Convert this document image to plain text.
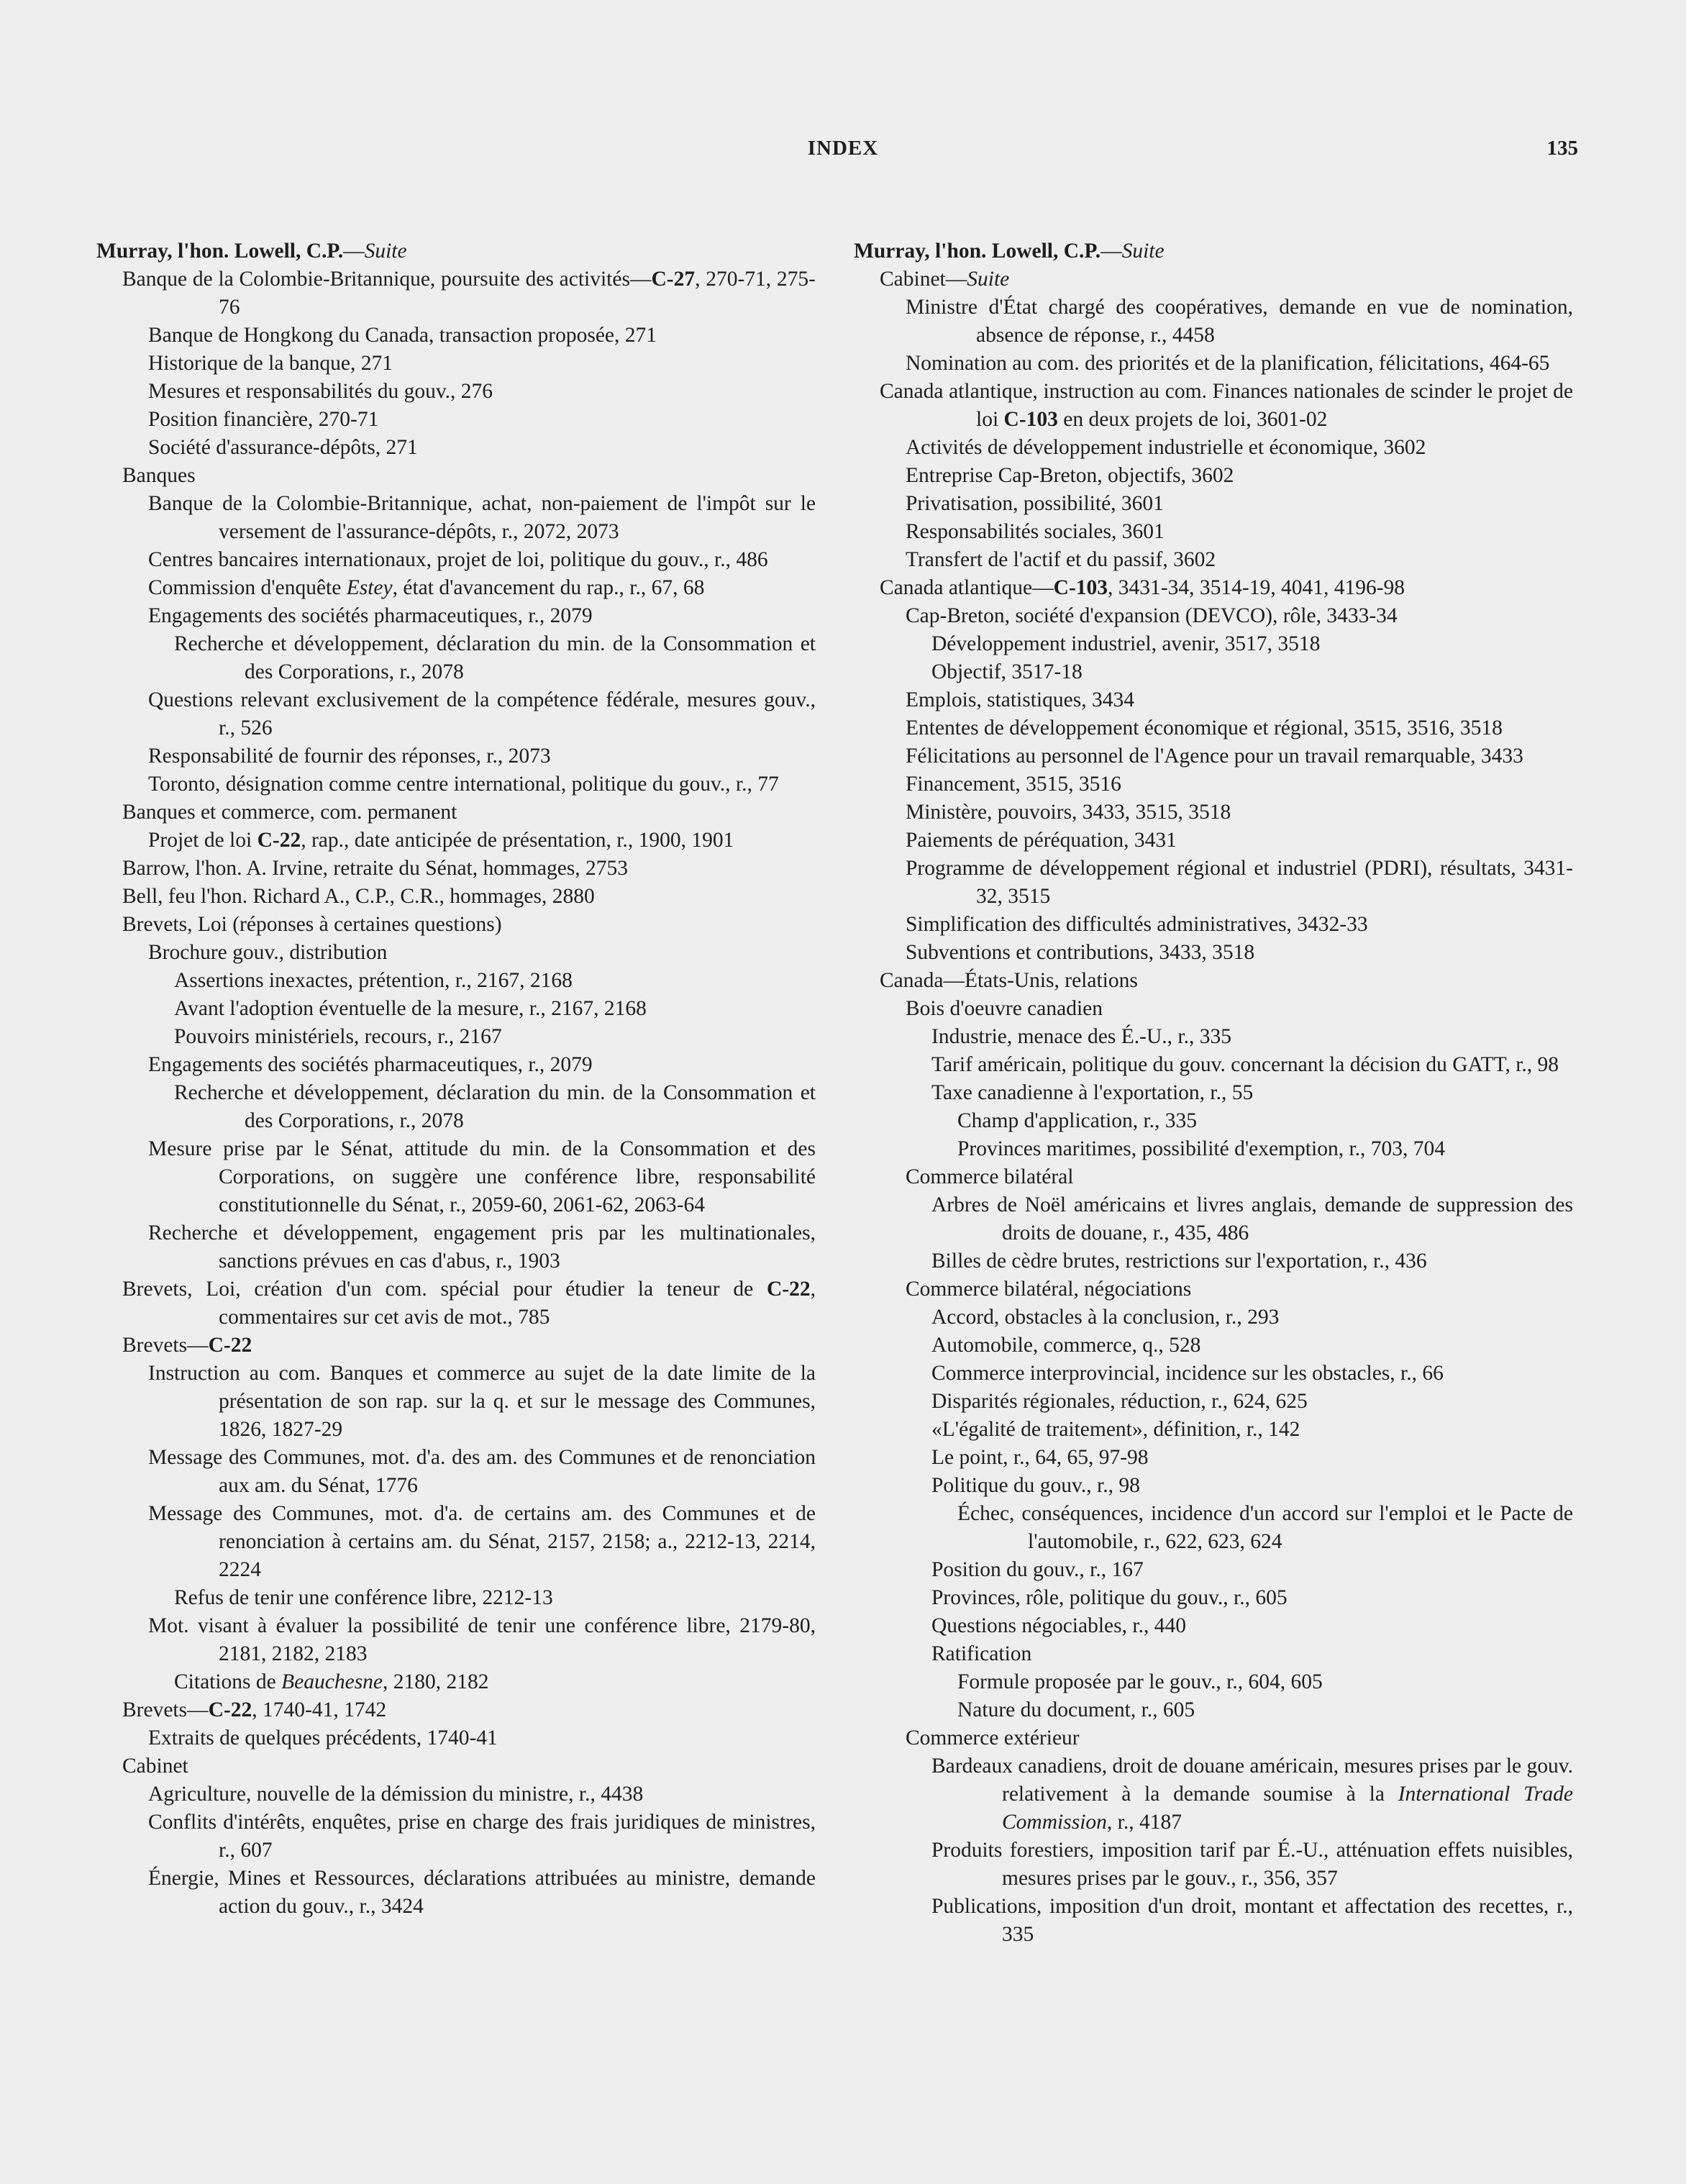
INDEX	135
Murray, l'hon. Lowell, C.P.—Suite
Banque de la Colombie-Britannique, poursuite des activités—C-27, 270-71, 275-76
Banque de Hongkong du Canada, transaction proposée, 271
Historique de la banque, 271
Mesures et responsabilités du gouv., 276
Position financière, 270-71
Société d'assurance-dépôts, 271
Banques
Banque de la Colombie-Britannique, achat, non-paiement de l'impôt sur le versement de l'assurance-dépôts, r., 2072, 2073
Centres bancaires internationaux, projet de loi, politique du gouv., r., 486
Commission d'enquête Estey, état d'avancement du rap., r., 67, 68
Engagements des sociétés pharmaceutiques, r., 2079
Recherche et développement, déclaration du min. de la Consommation et des Corporations, r., 2078
Questions relevant exclusivement de la compétence fédérale, mesures gouv., r., 526
Responsabilité de fournir des réponses, r., 2073
Toronto, désignation comme centre international, politique du gouv., r., 77
Banques et commerce, com. permanent
Projet de loi C-22, rap., date anticipée de présentation, r., 1900, 1901
Barrow, l'hon. A. Irvine, retraite du Sénat, hommages, 2753
Bell, feu l'hon. Richard A., C.P., C.R., hommages, 2880
Brevets, Loi (réponses à certaines questions)
Brochure gouv., distribution
Assertions inexactes, prétention, r., 2167, 2168
Avant l'adoption éventuelle de la mesure, r., 2167, 2168
Pouvoirs ministériels, recours, r., 2167
Engagements des sociétés pharmaceutiques, r., 2079
Recherche et développement, déclaration du min. de la Consommation et des Corporations, r., 2078
Mesure prise par le Sénat, attitude du min. de la Consommation et des Corporations, on suggère une conférence libre, responsabilité constitutionnelle du Sénat, r., 2059-60, 2061-62, 2063-64
Recherche et développement, engagement pris par les multinationales, sanctions prévues en cas d'abus, r., 1903
Brevets, Loi, création d'un com. spécial pour étudier la teneur de C-22, commentaires sur cet avis de mot., 785
Brevets—C-22
Instruction au com. Banques et commerce au sujet de la date limite de la présentation de son rap. sur la q. et sur le message des Communes, 1826, 1827-29
Message des Communes, mot. d'a. des am. des Communes et de renonciation aux am. du Sénat, 1776
Message des Communes, mot. d'a. de certains am. des Communes et de renonciation à certains am. du Sénat, 2157, 2158; a., 2212-13, 2214, 2224
Refus de tenir une conférence libre, 2212-13
Mot. visant à évaluer la possibilité de tenir une conférence libre, 2179-80, 2181, 2182, 2183
Citations de Beauchesne, 2180, 2182
Brevets—C-22, 1740-41, 1742
Extraits de quelques précédents, 1740-41
Cabinet
Agriculture, nouvelle de la démission du ministre, r., 4438
Conflits d'intérêts, enquêtes, prise en charge des frais juridiques de ministres, r., 607
Énergie, Mines et Ressources, déclarations attribuées au ministre, demande action du gouv., r., 3424
Murray, l'hon. Lowell, C.P.—Suite
Cabinet—Suite
Ministre d'État chargé des coopératives, demande en vue de nomination, absence de réponse, r., 4458
Nomination au com. des priorités et de la planification, félicitations, 464-65
Canada atlantique, instruction au com. Finances nationales de scinder le projet de loi C-103 en deux projets de loi, 3601-02
Activités de développement industrielle et économique, 3602
Entreprise Cap-Breton, objectifs, 3602
Privatisation, possibilité, 3601
Responsabilités sociales, 3601
Transfert de l'actif et du passif, 3602
Canada atlantique—C-103, 3431-34, 3514-19, 4041, 4196-98
Cap-Breton, société d'expansion (DEVCO), rôle, 3433-34
Développement industriel, avenir, 3517, 3518
Objectif, 3517-18
Emplois, statistiques, 3434
Ententes de développement économique et régional, 3515, 3516, 3518
Félicitations au personnel de l'Agence pour un travail remarquable, 3433
Financement, 3515, 3516
Ministère, pouvoirs, 3433, 3515, 3518
Paiements de péréquation, 3431
Programme de développement régional et industriel (PDRI), résultats, 3431-32, 3515
Simplification des difficultés administratives, 3432-33
Subventions et contributions, 3433, 3518
Canada—États-Unis, relations
Bois d'oeuvre canadien
Industrie, menace des É.-U., r., 335
Tarif américain, politique du gouv. concernant la décision du GATT, r., 98
Taxe canadienne à l'exportation, r., 55
Champ d'application, r., 335
Provinces maritimes, possibilité d'exemption, r., 703, 704
Commerce bilatéral
Arbres de Noël américains et livres anglais, demande de suppression des droits de douane, r., 435, 486
Billes de cèdre brutes, restrictions sur l'exportation, r., 436
Commerce bilatéral, négociations
Accord, obstacles à la conclusion, r., 293
Automobile, commerce, q., 528
Commerce interprovincial, incidence sur les obstacles, r., 66
Disparités régionales, réduction, r., 624, 625
«L'égalité de traitement», définition, r., 142
Le point, r., 64, 65, 97-98
Politique du gouv., r., 98
Échec, conséquences, incidence d'un accord sur l'emploi et le Pacte de l'automobile, r., 622, 623, 624
Position du gouv., r., 167
Provinces, rôle, politique du gouv., r., 605
Questions négociables, r., 440
Ratification
Formule proposée par le gouv., r., 604, 605
Nature du document, r., 605
Commerce extérieur
Bardeaux canadiens, droit de douane américain, mesures prises par le gouv. relativement à la demande soumise à la International Trade Commission, r., 4187
Produits forestiers, imposition tarif par É.-U., atténuation effets nuisibles, mesures prises par le gouv., r., 356, 357
Publications, imposition d'un droit, montant et affectation des recettes, r., 335
